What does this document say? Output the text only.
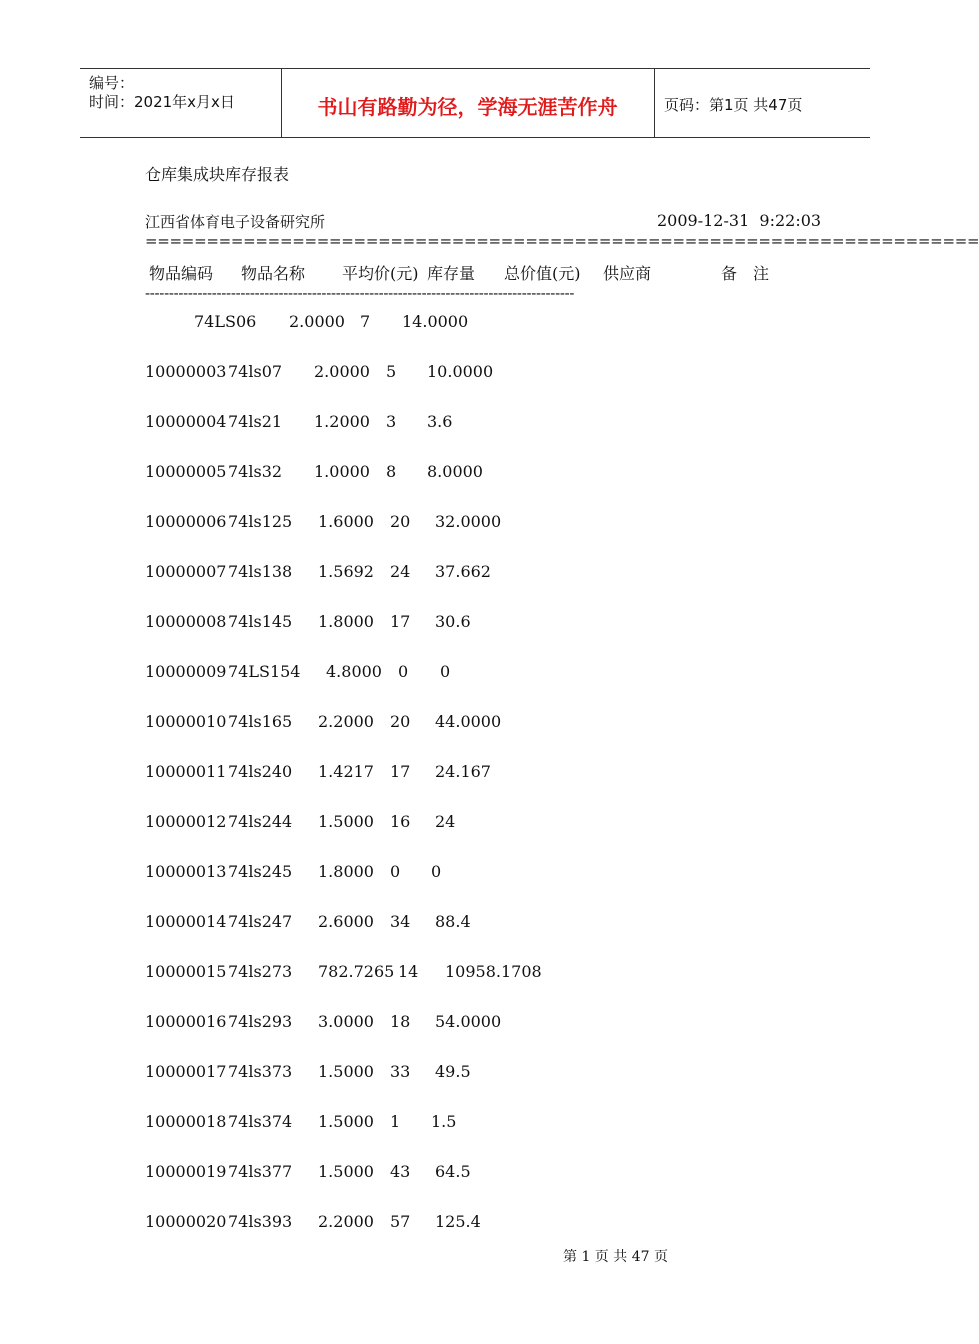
编号：
时间：2021年x月x日	书山有路勤为径，学海无涯苦作舟	页码：第1页 共47页
仓库集成块库存报表
江西省体育电子设备研究所	2009-12-31  9:22:03
====================================================================
物品编码 物品名称 平均价(元) 库存量 总价值(元) 供应商	备　注
------------------------------------------------------------------------------------------
74LS06 2.0000 7 14.0000
10000003 74ls07 2.0000 5 10.0000
10000004 74ls21 1.2000 3 3.6
10000005 74ls32 1.0000 8 8.0000
10000006 74ls125 1.6000 20 32.0000
10000007 74ls138 1.5692 24 37.662
10000008 74ls145 1.8000 17 30.6
10000009 74LS154 4.8000 0 0
10000010 74ls165 2.2000 20 44.0000
10000011 74ls240 1.4217 17 24.167
10000012 74ls244 1.5000 16 24
10000013 74ls245 1.8000 0 0
10000014 74ls247 2.6000 34 88.4
10000015 74ls273 782.7265 14 10958.1708
10000016 74ls293 3.0000 18 54.0000
10000017 74ls373 1.5000 33 49.5
10000018 74ls374 1.5000 1 1.5
10000019 74ls377 1.5000 43 64.5
10000020 74ls393 2.2000 57 125.4
第 1 页 共 47 页
